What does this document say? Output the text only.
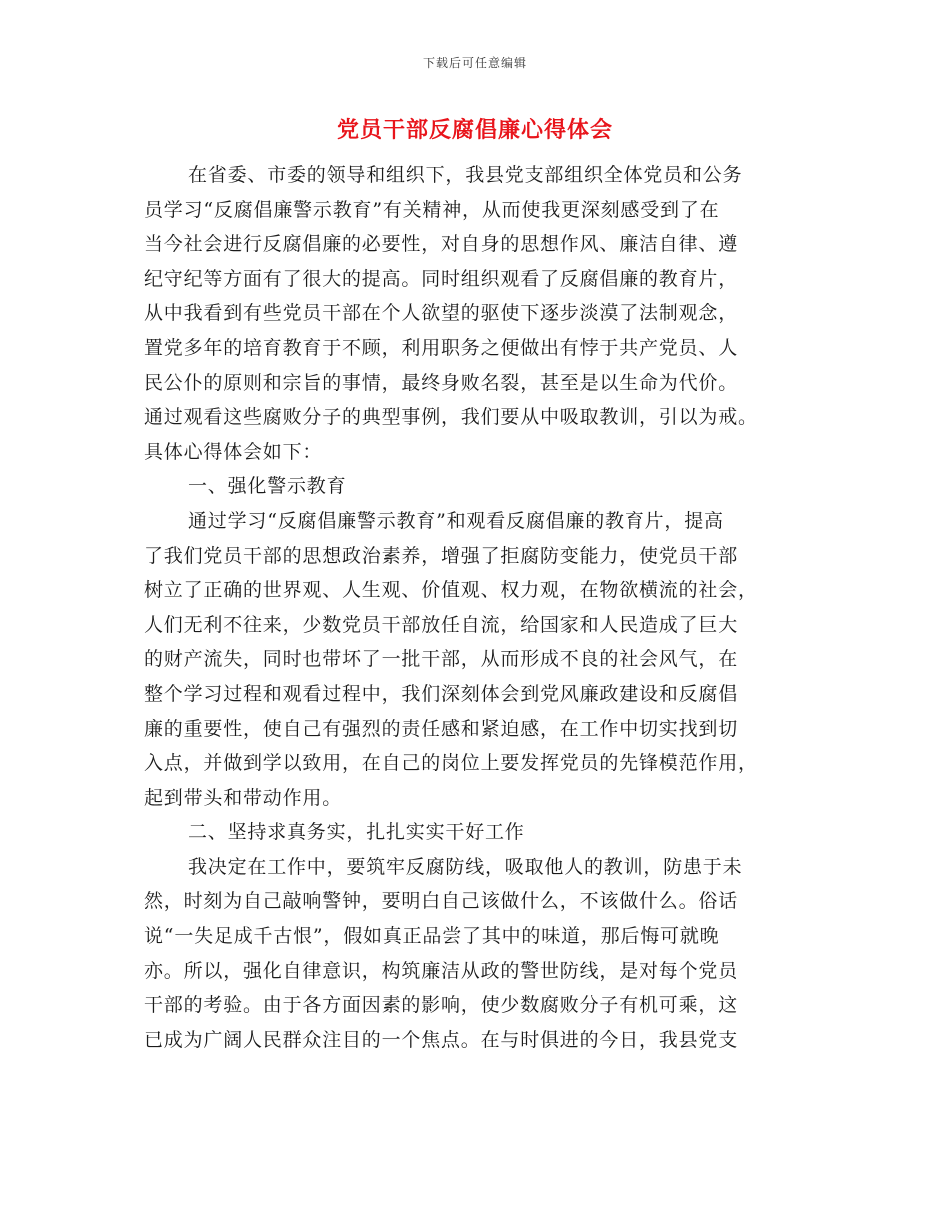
下载后可任意编辑
党员干部反腐倡廉心得体会
在省委、市委的领导和组织下，我县党支部组织全体党员和公务
员学习“反腐倡廉警示教育”有关精神，从而使我更深刻感受到了在
当今社会进行反腐倡廉的必要性，对自身的思想作风、廉洁自律、遵
纪守纪等方面有了很大的提高。同时组织观看了反腐倡廉的教育片，
从中我看到有些党员干部在个人欲望的驱使下逐步淡漠了法制观念，
置党多年的培育教育于不顾，利用职务之便做出有悖于共产党员、人
民公仆的原则和宗旨的事情，最终身败名裂，甚至是以生命为代价。
通过观看这些腐败分子的典型事例，我们要从中吸取教训，引以为戒。
具体心得体会如下：
一、强化警示教育
通过学习“反腐倡廉警示教育”和观看反腐倡廉的教育片，提高
了我们党员干部的思想政治素养，增强了拒腐防变能力，使党员干部
树立了正确的世界观、人生观、价值观、权力观，在物欲横流的社会，
人们无利不往来，少数党员干部放任自流，给国家和人民造成了巨大
的财产流失，同时也带坏了一批干部，从而形成不良的社会风气，在
整个学习过程和观看过程中，我们深刻体会到党风廉政建设和反腐倡
廉的重要性，使自己有强烈的责任感和紧迫感，在工作中切实找到切
入点，并做到学以致用，在自己的岗位上要发挥党员的先锋模范作用，
起到带头和带动作用。
二、坚持求真务实，扎扎实实干好工作
我决定在工作中，要筑牢反腐防线，吸取他人的教训，防患于未
然，时刻为自己敲响警钟，要明白自己该做什么，不该做什么。俗话
说“一失足成千古恨”，假如真正品尝了其中的味道，那后悔可就晚
亦。所以，强化自律意识，构筑廉洁从政的警世防线，是对每个党员
干部的考验。由于各方面因素的影响，使少数腐败分子有机可乘，这
已成为广阔人民群众注目的一个焦点。在与时俱进的今日，我县党支
